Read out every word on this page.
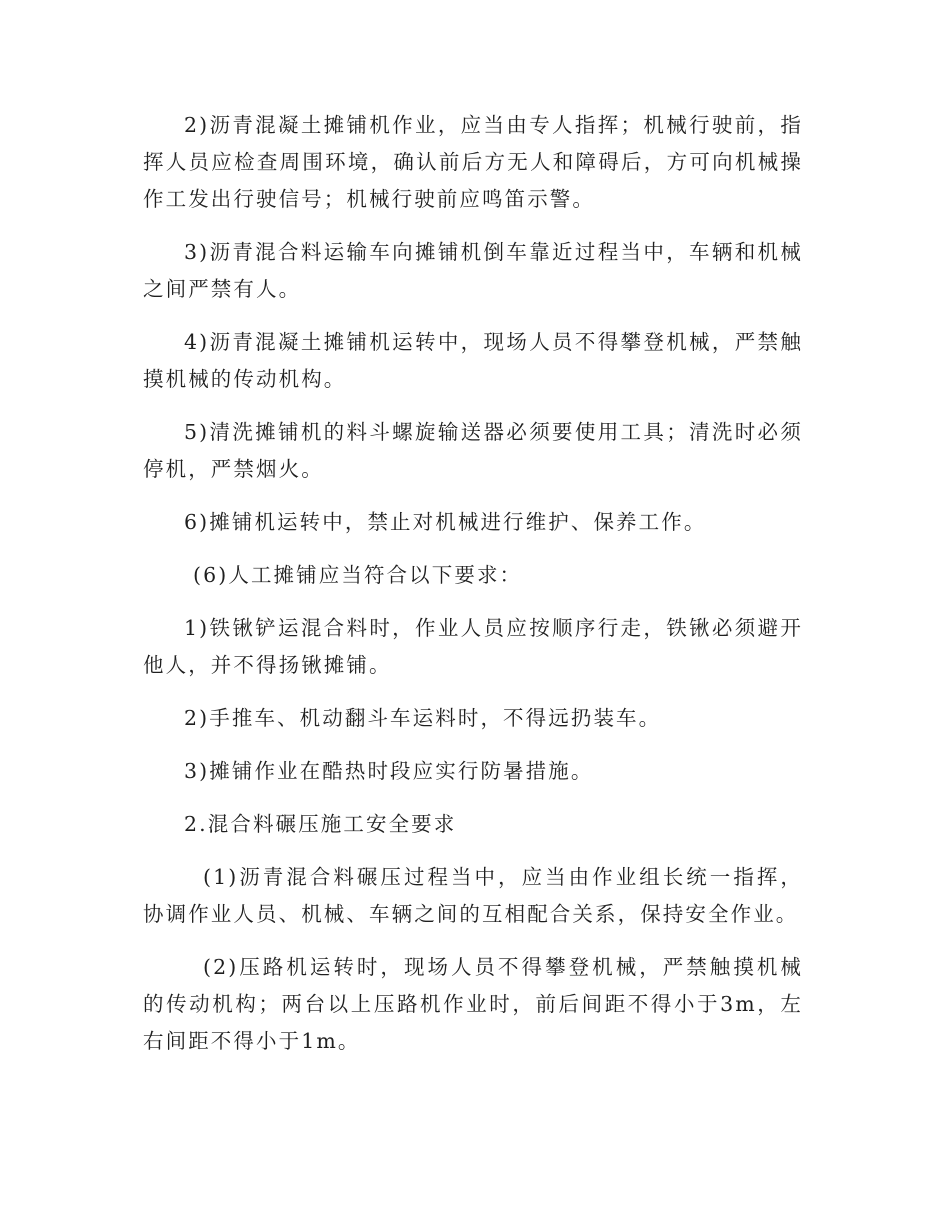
2)沥青混凝土摊铺机作业，应当由专人指挥；机械行驶前，指挥人员应检查周围环境，确认前后方无人和障碍后，方可向机械操作工发出行驶信号；机械行驶前应鸣笛示警。

3)沥青混合料运输车向摊铺机倒车靠近过程当中，车辆和机械之间严禁有人。

4)沥青混凝土摊铺机运转中，现场人员不得攀登机械，严禁触摸机械的传动机构。

5)清洗摊铺机的料斗螺旋输送器必须要使用工具；清洗时必须停机，严禁烟火。

6)摊铺机运转中，禁止对机械进行维护、保养工作。

(6)人工摊铺应当符合以下要求：

1)铁锹铲运混合料时，作业人员应按顺序行走，铁锹必须避开他人，并不得扬锹摊铺。

2)手推车、机动翻斗车运料时，不得远扔装车。

3)摊铺作业在酷热时段应实行防暑措施。

2.混合料碾压施工安全要求

(1)沥青混合料碾压过程当中，应当由作业组长统一指挥，协调作业人员、机械、车辆之间的互相配合关系，保持安全作业。

(2)压路机运转时，现场人员不得攀登机械，严禁触摸机械的传动机构；两台以上压路机作业时，前后间距不得小于3m，左右间距不得小于1m。
